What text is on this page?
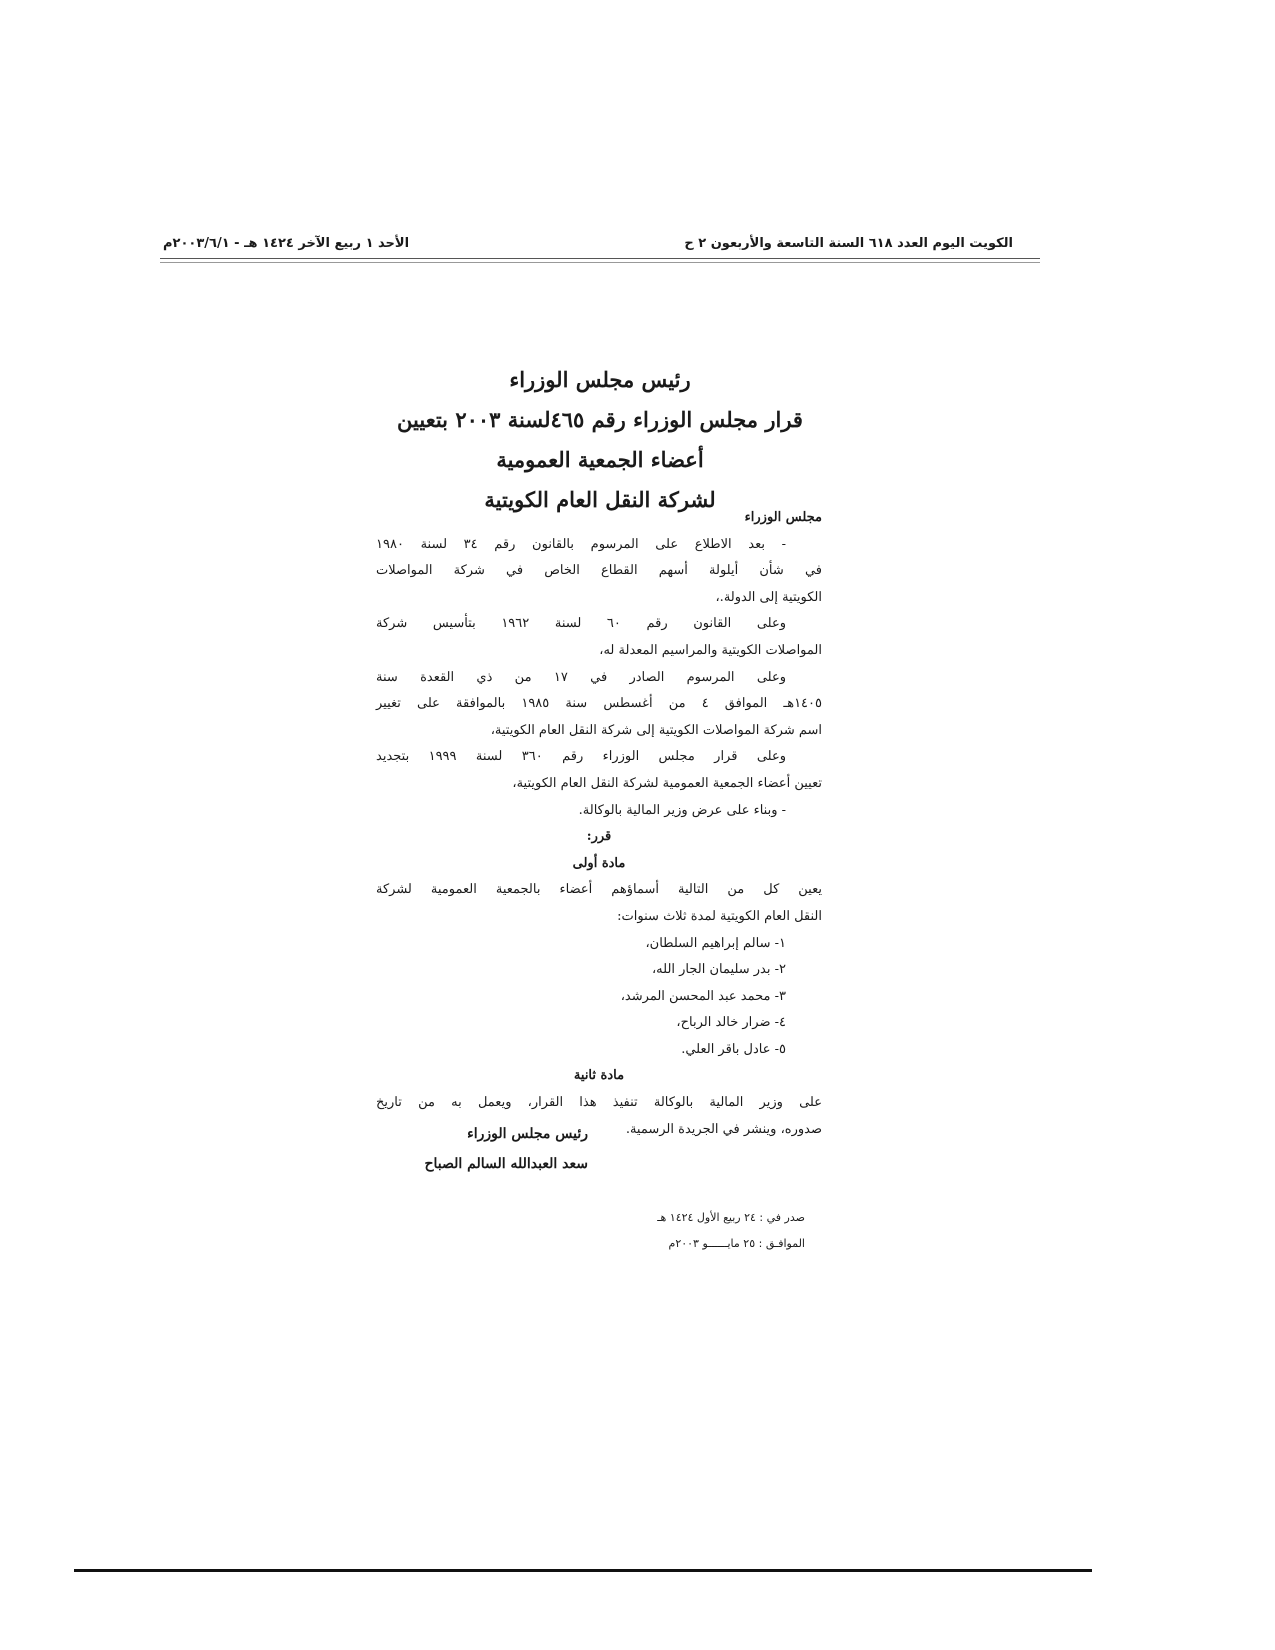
الكويت اليوم العدد ٦١٨ السنة التاسعة والأربعون ٢ ح
الأحد ١ ربيع الآخر ١٤٢٤ هـ - ٢٠٠٣/٦/١م
رئيس مجلس الوزراء
قرار مجلس الوزراء رقم ٤٦٥لسنة ٢٠٠٣ بتعيين
أعضاء الجمعية العمومية
لشركة النقل العام الكويتية
مجلس الوزراء
- بعد الاطلاع على المرسوم بالقانون رقم ٣٤ لسنة ١٩٨٠
في شأن أيلولة أسهم القطاع الخاص في شركة المواصلات
الكويتية إلى الدولة.،
وعلى القانون رقم ٦٠ لسنة ١٩٦٢ بتأسيس شركة
المواصلات الكويتية والمراسيم المعدلة له،
وعلى المرسوم الصادر في ١٧ من ذي القعدة سنة
١٤٠٥هـ الموافق ٤ من أغسطس سنة ١٩٨٥ بالموافقة على تغيير
اسم شركة المواصلات الكويتية إلى شركة النقل العام الكويتية،
وعلى قرار مجلس الوزراء رقم ٣٦٠ لسنة ١٩٩٩ بتجديد
تعيين أعضاء الجمعية العمومية لشركة النقل العام الكويتية،
- وبناء على عرض وزير المالية بالوكالة.
قرر:
مادة أولى
يعين كل من التالية أسماؤهم أعضاء بالجمعية العمومية لشركة
النقل العام الكويتية لمدة ثلاث سنوات:
١- سالم إبراهيم السلطان،
٢- بدر سليمان الجار الله،
٣- محمد عبد المحسن المرشد،
٤- ضرار خالد الرباح،
٥- عادل باقر العلي.
مادة ثانية
على وزير المالية بالوكالة تنفيذ هذا القرار، ويعمل به من تاريخ
صدوره، وينشر في الجريدة الرسمية.
رئيس مجلس الوزراء
سعد العبدالله السالم الصباح
صدر في : ٢٤ ربيع الأول ١٤٢٤ هـ
الموافـق : ٢٥ مايــــــو ٢٠٠٣م
